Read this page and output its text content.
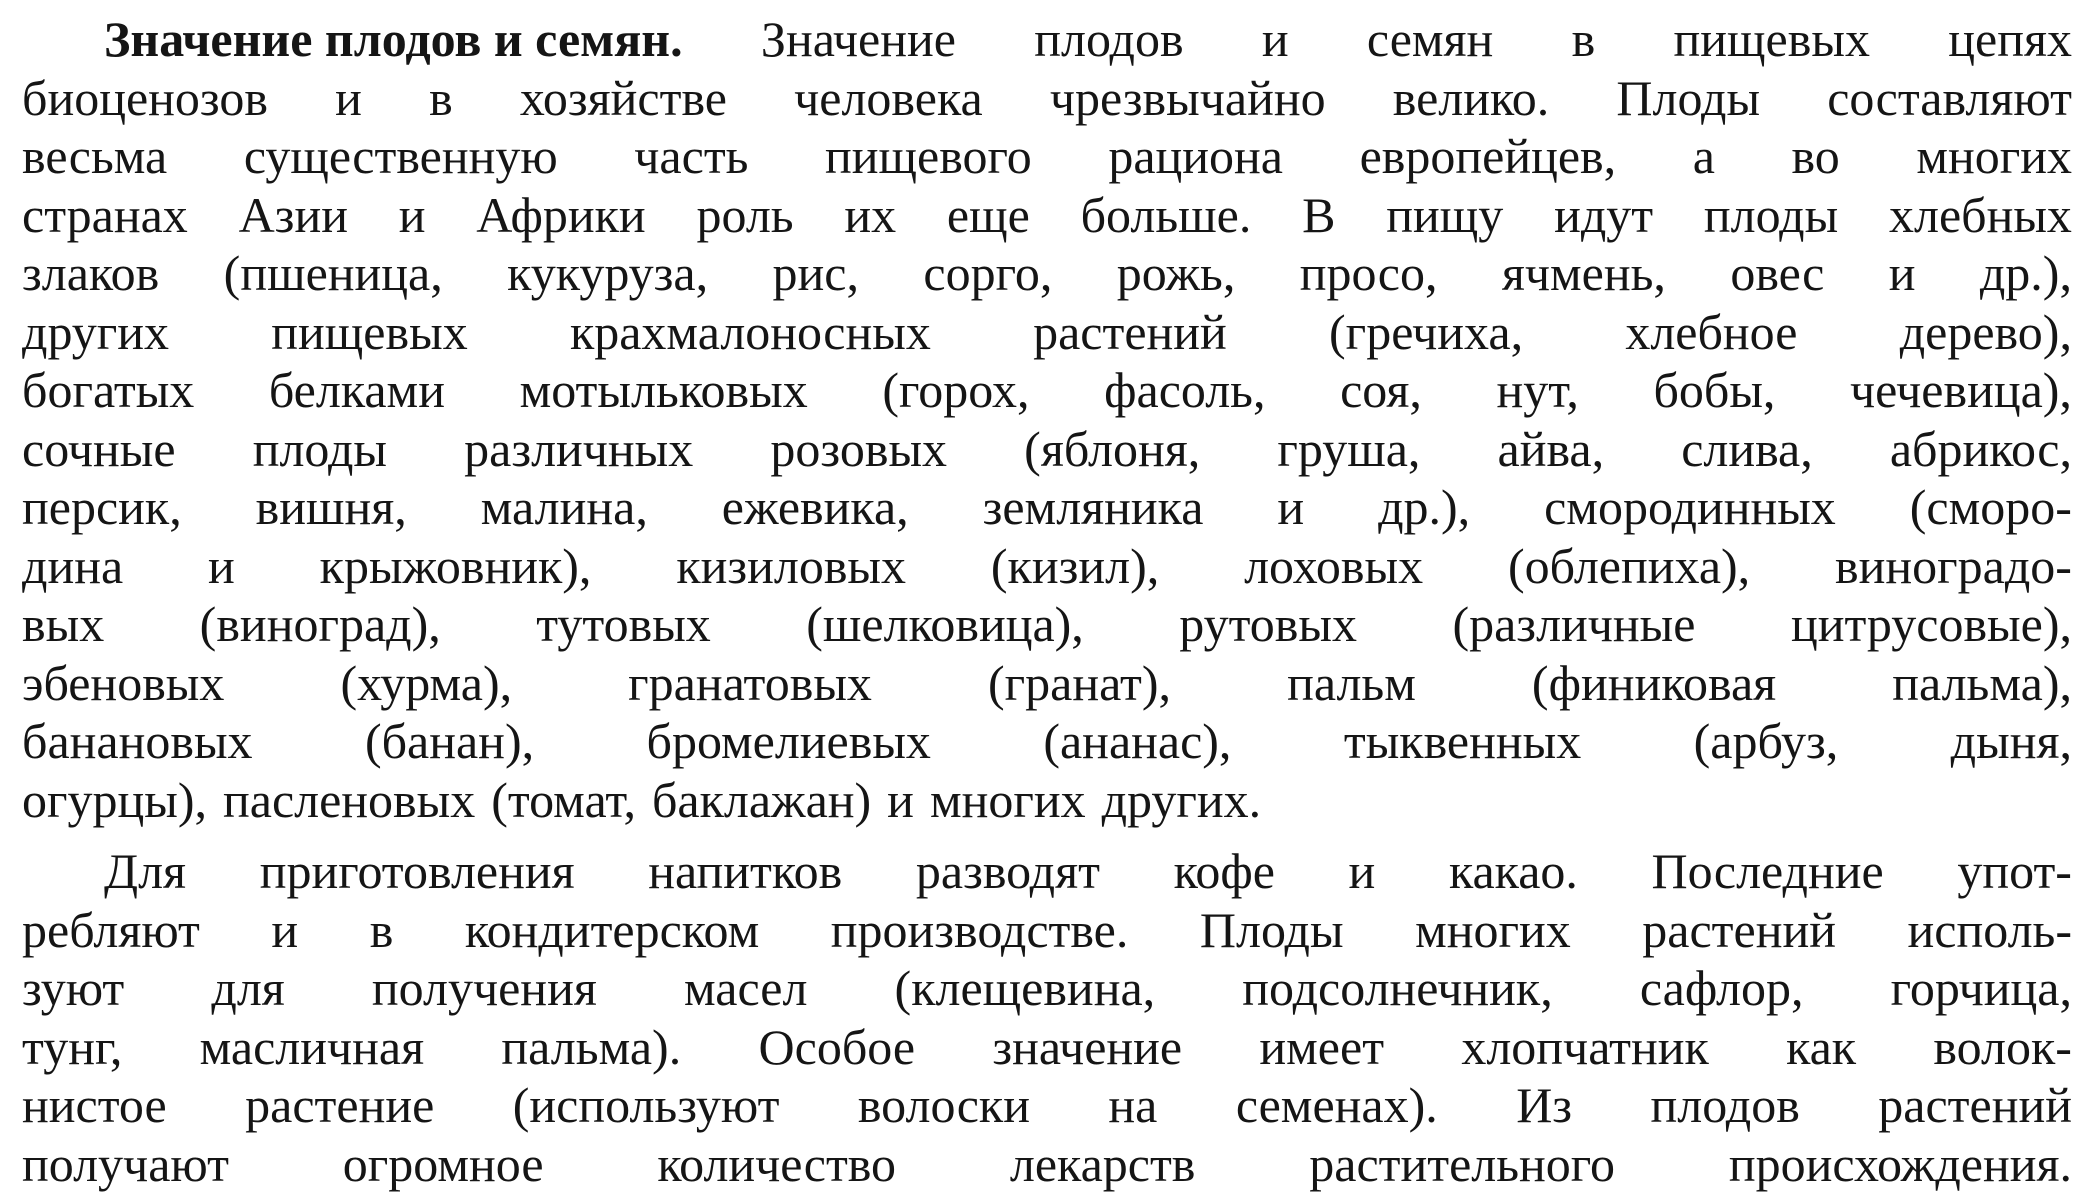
Значение плодов и семян. Значение плодов и семян в пищевых цепях
биоценозов и в хозяйстве человека чрезвычайно велико. Плоды составляют
весьма существенную часть пищевого рациона европейцев, а во многих
странах Азии и Африки роль их еще больше. В пищу идут плоды хлебных
злаков (пшеница, кукуруза, рис, сорго, рожь, просо, ячмень, овес и др.),
других пищевых крахмалоносных растений (гречиха, хлебное дерево),
богатых белками мотыльковых (горох, фасоль, соя, нут, бобы, чечевица),
сочные плоды различных розовых (яблоня, груша, айва, слива, абрикос,
персик, вишня, малина, ежевика, земляника и др.), смородинных (сморо-
дина и крыжовник), кизиловых (кизил), лоховых (облепиха), виноградо-
вых (виноград), тутовых (шелковица), рутовых (различные цитрусовые),
эбеновых (хурма), гранатовых (гранат), пальм (финиковая пальма),
банановых (банан), бромелиевых (ананас), тыквенных (арбуз, дыня,
огурцы), пасленовых (томат, баклажан) и многих других.
Для приготовления напитков разводят кофе и какао. Последние упот-
ребляют и в кондитерском производстве. Плоды многих растений исполь-
зуют для получения масел (клещевина, подсолнечник, сафлор, горчица,
тунг, масличная пальма). Особое значение имеет хлопчатник как волок-
нистое растение (используют волоски на семенах). Из плодов растений
получают огромное количество лекарств растительного происхождения.
